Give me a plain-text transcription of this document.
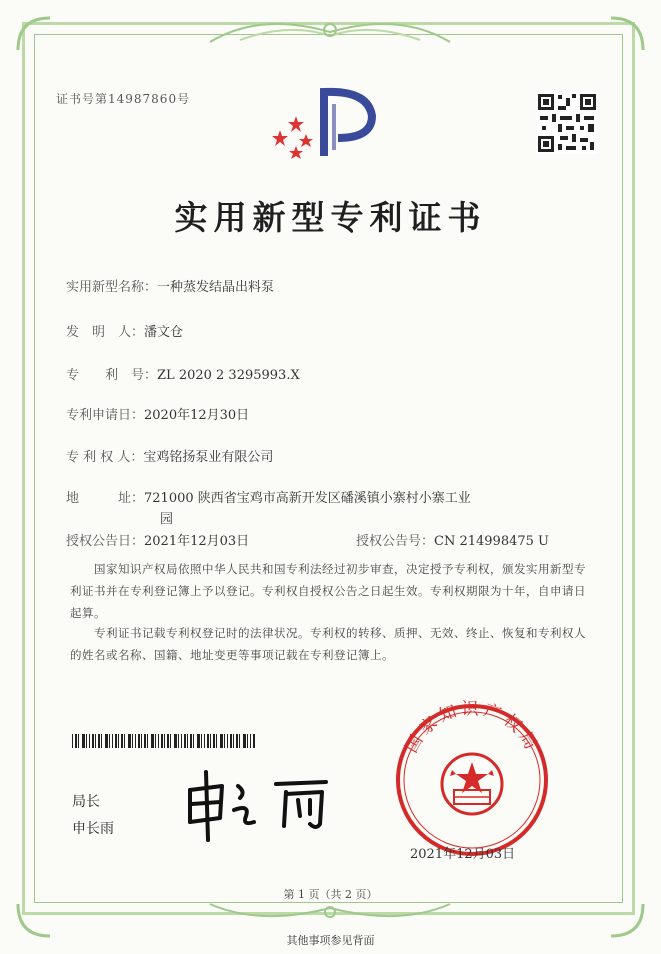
证书号第14987860号
实用新型专利证书
实用新型名称：一种蒸发结晶出料泵
发　明　人：潘文仓
专　　利　号：ZL 2020 2 3295993.X
专利申请日：2020年12月30日
专 利 权 人：宝鸡铭扬泵业有限公司
地　　　址：721000 陕西省宝鸡市高新开发区磻溪镇小寨村小寨工业
园
授权公告日：2021年12月03日	授权公告号：CN 214998475 U
　　国家知识产权局依照中华人民共和国专利法经过初步审查，决定授予专利权，颁发实用新型专利证书并在专利登记簿上予以登记。专利权自授权公告之日起生效。专利权期限为十年，自申请日起算。
　　专利证书记载专利权登记时的法律状况。专利权的转移、质押、无效、终止、恢复和专利权人的姓名或名称、国籍、地址变更等事项记载在专利登记簿上。
局长
申长雨
国家知识产权局
2021年12月03日
第 1 页（共 2 页）
其他事项参见背面
